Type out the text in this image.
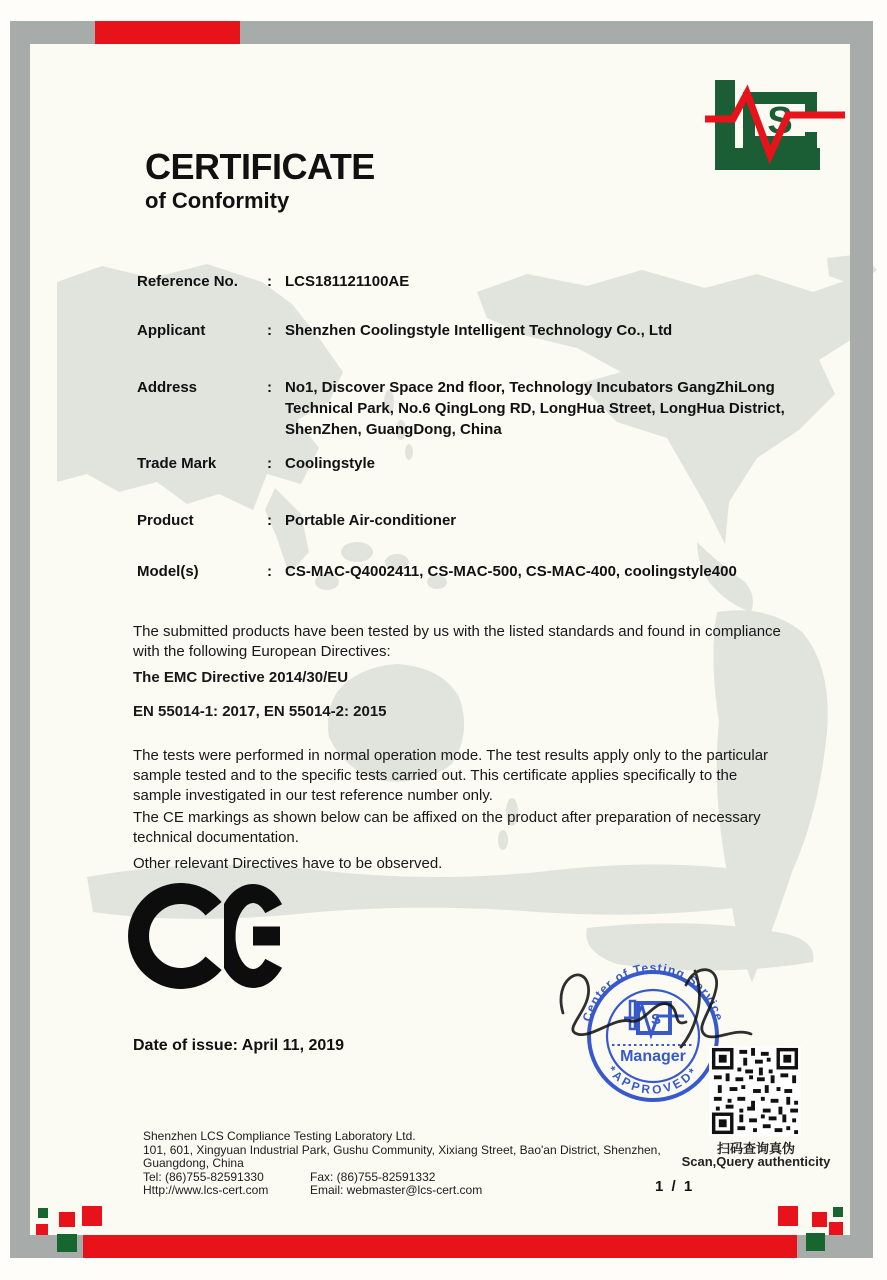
S
CERTIFICATE
of Conformity
Reference No.	: LCS181121100AE
Applicant	: Shenzhen Coolingstyle Intelligent Technology Co., Ltd
Address	: No1, Discover Space 2nd floor, Technology Incubators GangZhiLong
Technical Park, No.6 QingLong RD, LongHua Street, LongHua District,
ShenZhen, GuangDong, China
Trade Mark	: Coolingstyle
Product	: Portable Air-conditioner
Model(s)	: CS-MAC-Q4002411, CS-MAC-500, CS-MAC-400, coolingstyle400
The submitted products have been tested by us with the listed standards and found in compliance with the following European Directives:
The EMC Directive 2014/30/EU
EN 55014-1: 2017, EN 55014-2: 2015
The tests were performed in normal operation mode. The test results apply only to the particular sample tested and to the specific tests carried out. This certificate applies specifically to the sample investigated in our test reference number only.
The CE markings as shown below can be affixed on the product after preparation of necessary technical documentation.
Other relevant Directives have to be observed.
Date of issue: April 11, 2019
Center of Testing Service
*APPROVED*
S
Manager
扫码查询真伪
Scan,Query authenticity
Shenzhen LCS Compliance Testing Laboratory Ltd.
101, 601, Xingyuan Industrial Park, Gushu Community, Xixiang Street, Bao'an District, Shenzhen,
Guangdong, China
Tel: (86)755-82591330	Fax: (86)755-82591332
Http://www.lcs-cert.com	Email: webmaster@lcs-cert.com	1 / 1
